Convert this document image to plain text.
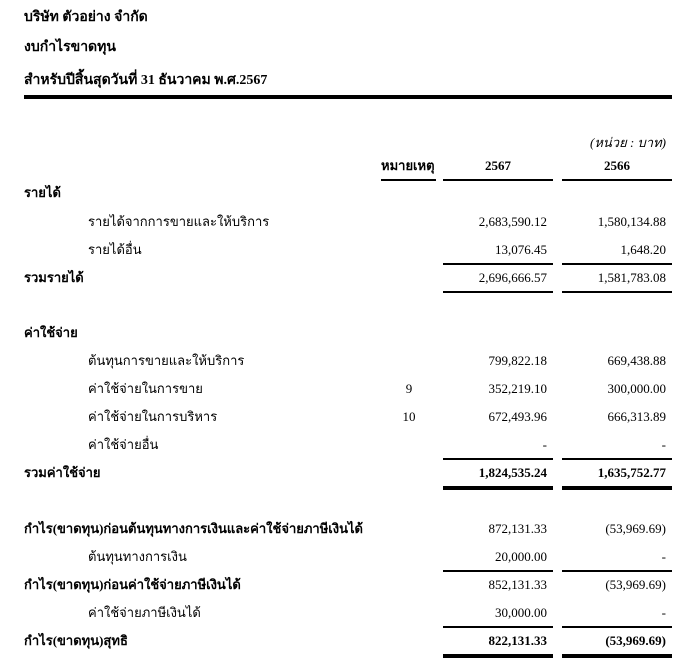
บริษัท ตัวอย่าง จำกัด
งบกำไรขาดทุน
สำหรับปีสิ้นสุดวันที่ 31 ธันวาคม พ.ศ.2567
(หน่วย : บาท)
หมายเหตุ	2567	2566
รายได้
รายได้จากการขายและให้บริการ	2,683,590.12	1,580,134.88
รายได้อื่น	13,076.45	1,648.20
รวมรายได้	2,696,666.57	1,581,783.08
ค่าใช้จ่าย
ต้นทุนการขายและให้บริการ	799,822.18	669,438.88
ค่าใช้จ่ายในการขาย	9	352,219.10	300,000.00
ค่าใช้จ่ายในการบริหาร	10	672,493.96	666,313.89
ค่าใช้จ่ายอื่น	-	-
รวมค่าใช้จ่าย	1,824,535.24	1,635,752.77
กำไร(ขาดทุน)ก่อนต้นทุนทางการเงินและค่าใช้จ่ายภาษีเงินได้	872,131.33	(53,969.69)
ต้นทุนทางการเงิน	20,000.00	-
กำไร(ขาดทุน)ก่อนค่าใช้จ่ายภาษีเงินได้	852,131.33	(53,969.69)
ค่าใช้จ่ายภาษีเงินได้	30,000.00	-
กำไร(ขาดทุน)สุทธิ	822,131.33	(53,969.69)
